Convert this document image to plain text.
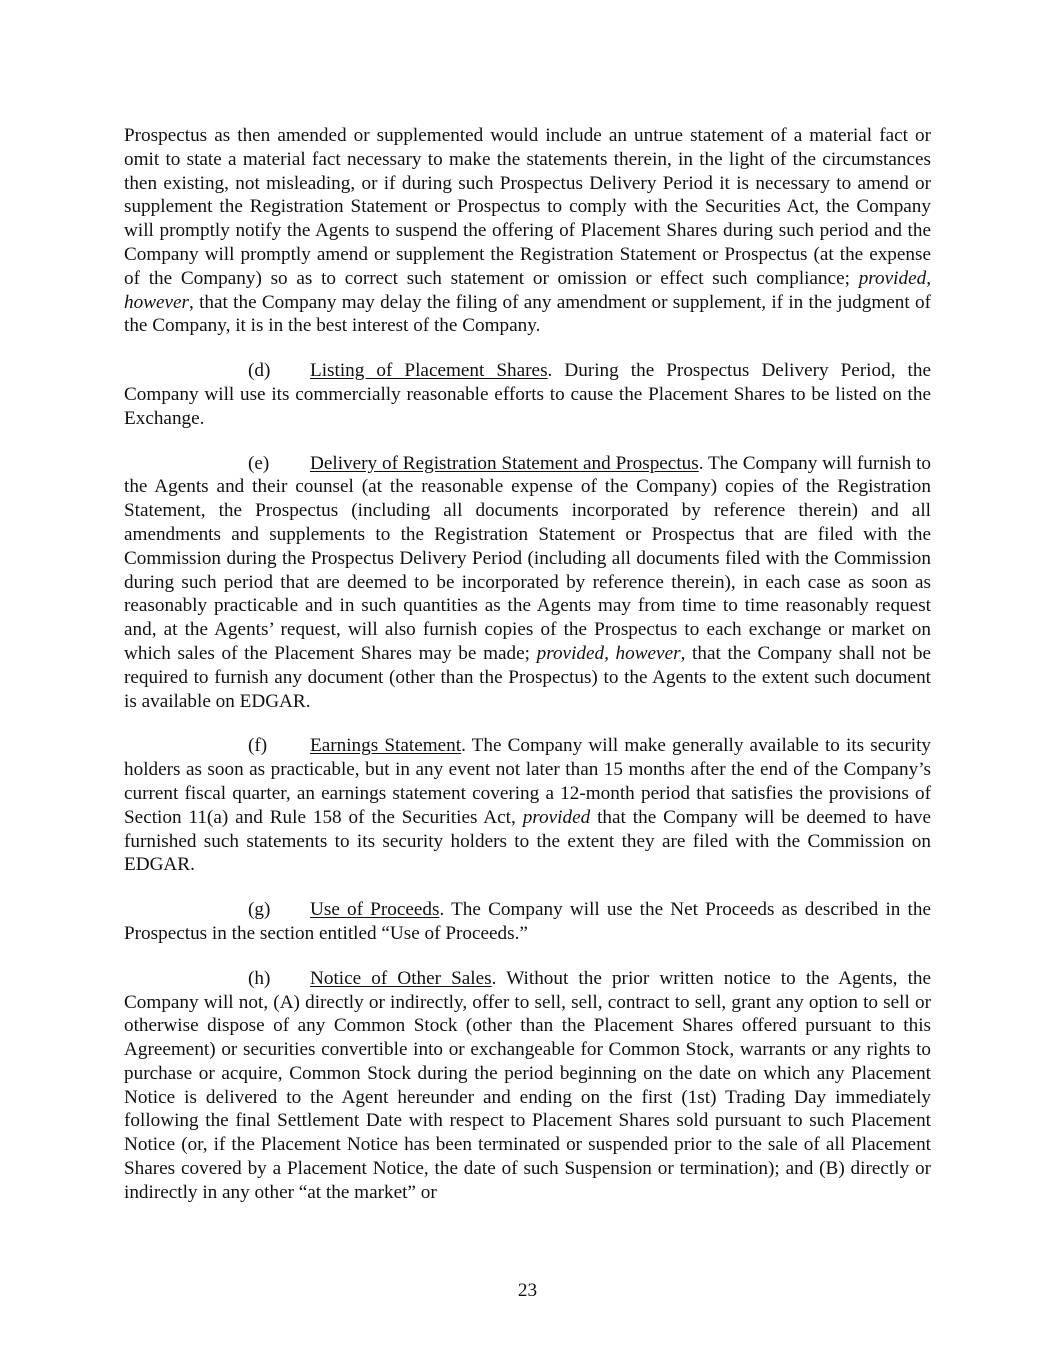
Prospectus as then amended or supplemented would include an untrue statement of a material fact or omit to state a material fact necessary to make the statements therein, in the light of the circumstances then existing, not misleading, or if during such Prospectus Delivery Period it is necessary to amend or supplement the Registration Statement or Prospectus to comply with the Securities Act, the Company will promptly notify the Agents to suspend the offering of Placement Shares during such period and the Company will promptly amend or supplement the Registration Statement or Prospectus (at the expense of the Company) so as to correct such statement or omission or effect such compliance; provided, however, that the Company may delay the filing of any amendment or supplement, if in the judgment of the Company, it is in the best interest of the Company.

(d) Listing of Placement Shares. During the Prospectus Delivery Period, the Company will use its commercially reasonable efforts to cause the Placement Shares to be listed on the Exchange.

(e) Delivery of Registration Statement and Prospectus. The Company will furnish to the Agents and their counsel (at the reasonable expense of the Company) copies of the Registration Statement, the Prospectus (including all documents incorporated by reference therein) and all amendments and supplements to the Registration Statement or Prospectus that are filed with the Commission during the Prospectus Delivery Period (including all documents filed with the Commission during such period that are deemed to be incorporated by reference therein), in each case as soon as reasonably practicable and in such quantities as the Agents may from time to time reasonably request and, at the Agents’ request, will also furnish copies of the Prospectus to each exchange or market on which sales of the Placement Shares may be made; provided, however, that the Company shall not be required to furnish any document (other than the Prospectus) to the Agents to the extent such document is available on EDGAR.

(f) Earnings Statement. The Company will make generally available to its security holders as soon as practicable, but in any event not later than 15 months after the end of the Company’s current fiscal quarter, an earnings statement covering a 12-month period that satisfies the provisions of Section 11(a) and Rule 158 of the Securities Act, provided that the Company will be deemed to have furnished such statements to its security holders to the extent they are filed with the Commission on EDGAR.

(g) Use of Proceeds. The Company will use the Net Proceeds as described in the Prospectus in the section entitled “Use of Proceeds.”

(h) Notice of Other Sales. Without the prior written notice to the Agents, the Company will not, (A) directly or indirectly, offer to sell, sell, contract to sell, grant any option to sell or otherwise dispose of any Common Stock (other than the Placement Shares offered pursuant to this Agreement) or securities convertible into or exchangeable for Common Stock, warrants or any rights to purchase or acquire, Common Stock during the period beginning on the date on which any Placement Notice is delivered to the Agent hereunder and ending on the first (1st) Trading Day immediately following the final Settlement Date with respect to Placement Shares sold pursuant to such Placement Notice (or, if the Placement Notice has been terminated or suspended prior to the sale of all Placement Shares covered by a Placement Notice, the date of such Suspension or termination); and (B) directly or indirectly in any other “at the market” or

23
